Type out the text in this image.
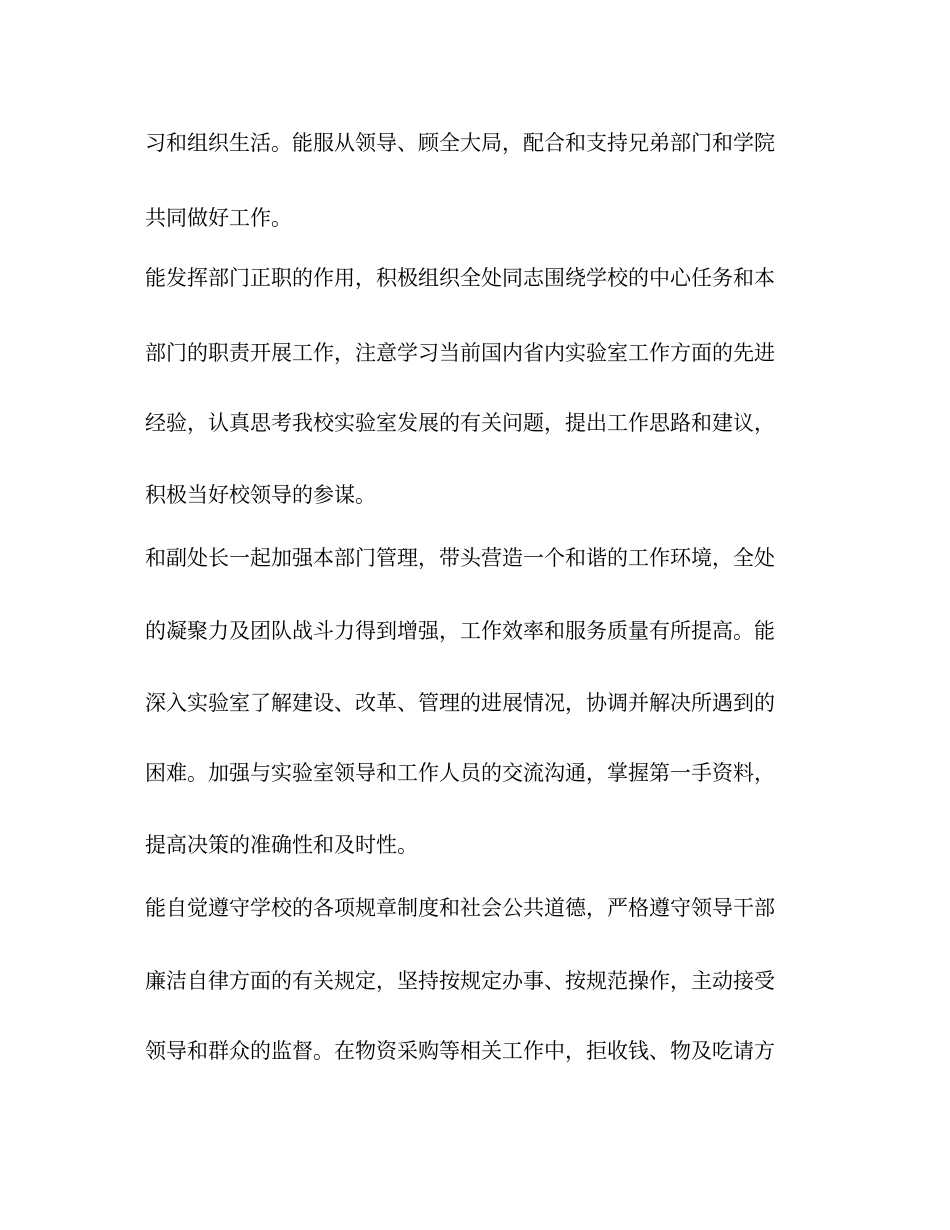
习和组织生活。能服从领导、顾全大局，配合和支持兄弟部门和学院

共同做好工作。

能发挥部门正职的作用，积极组织全处同志围绕学校的中心任务和本

部门的职责开展工作，注意学习当前国内省内实验室工作方面的先进

经验，认真思考我校实验室发展的有关问题，提出工作思路和建议，

积极当好校领导的参谋。

和副处长一起加强本部门管理，带头营造一个和谐的工作环境，全处

的凝聚力及团队战斗力得到增强，工作效率和服务质量有所提高。能

深入实验室了解建设、改革、管理的进展情况，协调并解决所遇到的

困难。加强与实验室领导和工作人员的交流沟通，掌握第一手资料，

提高决策的准确性和及时性。

能自觉遵守学校的各项规章制度和社会公共道德，严格遵守领导干部

廉洁自律方面的有关规定，坚持按规定办事、按规范操作，主动接受

领导和群众的监督。在物资采购等相关工作中，拒收钱、物及吃请方
